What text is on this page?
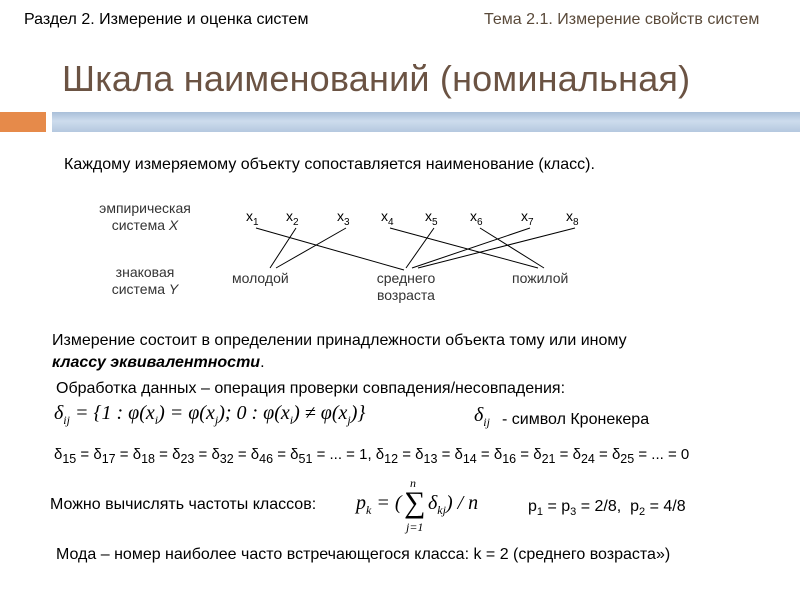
Раздел 2. Измерение и оценка систем	Тема 2.1. Измерение свойств систем
Шкала наименований (номинальная)
Каждому измеряемому объекту сопоставляется наименование (класс).
эмпирическая
система X
знаковая
система Y
$x_1$ $x_2$	$x_3$ $x_4$ $x_5$ $x_6$	$x_7$ $x_8$
молодой	среднего
возраста
пожилой
Измерение состоит в определении принадлежности объекта тому или иному
классу эквивалентности.
Обработка данных – операция проверки совпадения/несовпадения:
$\delta_{ij} = \{1$ : $\varphi(x_i) = \varphi(x_j)$; 0 : $\varphi(x_i) \ne \varphi(x_j)$}	$\delta_{ij}$ - символ Кронекера
$\delta_{15} = \delta_{17} = \delta_{18} = \delta_{23} = \delta_{32} = \delta_{46} = \delta_{51}$ = ... = 1, $\delta_{12} = \delta_{13} = \delta_{14} = \delta_{16} = \delta_{21} = \delta_{24} = \delta_{25}$ = ... = 0
Можно вычислять частоты классов:
n
$p_k$ = ( ∑ $\delta_{kj}$) / n
j=1
$p_1 = p_3 = 2/8$,  $p_2 = 4/8$
Мода – номер наиболее часто встречающегося класса: k = 2 (среднего возраста»)
